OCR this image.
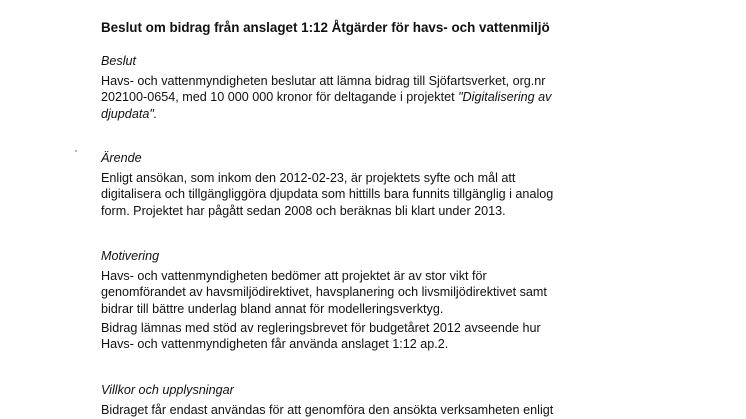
Beslut om bidrag från anslaget 1:12 Åtgärder för havs- och vattenmiljö
Beslut
Havs- och vattenmyndigheten beslutar att lämna bidrag till Sjöfartsverket, org.nr
202100-0654, med 10 000 000 kronor för deltagande i projektet "Digitalisering av
djupdata".
Ärende
Enligt ansökan, som inkom den 2012-02-23, är projektets syfte och mål att
digitalisera och tillgängliggöra djupdata som hittills bara funnits tillgänglig i analog
form. Projektet har pågått sedan 2008 och beräknas bli klart under 2013.
Motivering
Havs- och vattenmyndigheten bedömer att projektet är av stor vikt för
genomförandet av havsmiljödirektivet, havsplanering och livsmiljödirektivet samt
bidrar till bättre underlag bland annat för modelleringsverktyg.
Bidrag lämnas med stöd av regleringsbrevet för budgetåret 2012 avseende hur
Havs- och vattenmyndigheten får använda anslaget 1:12 ap.2.
Villkor och upplysningar
Bidraget får endast användas för att genomföra den ansökta verksamheten enligt
